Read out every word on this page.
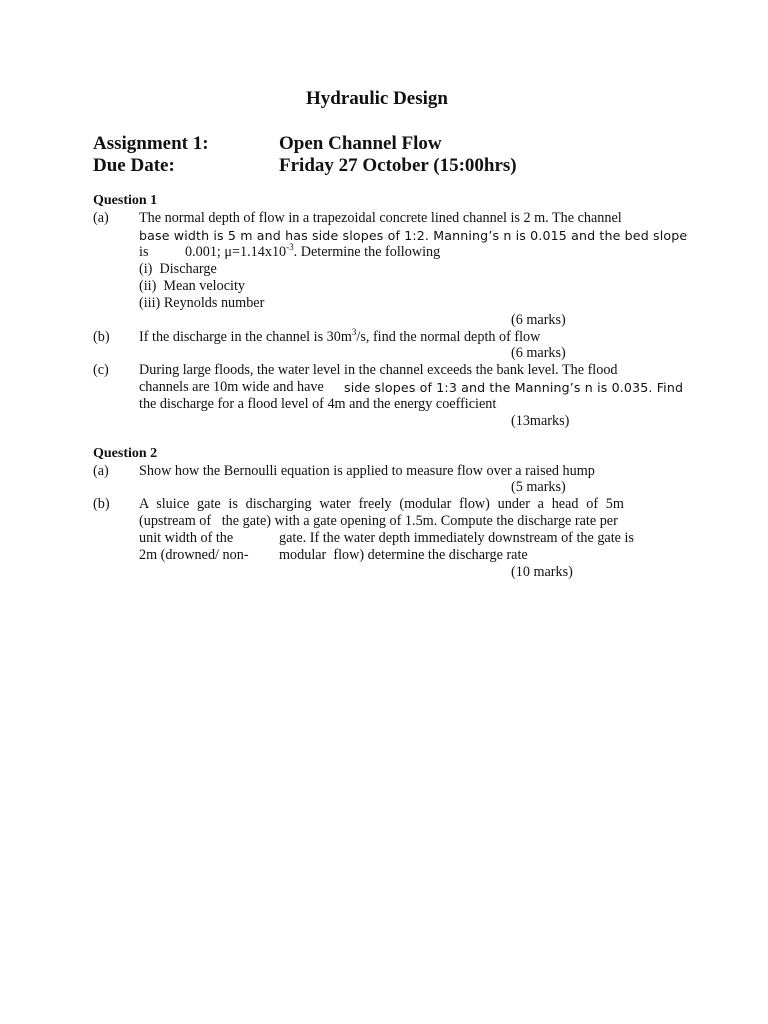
Hydraulic Design
Assignment 1:	Open Channel Flow
Due Date:	Friday 27 October (15:00hrs)
Question 1
(a) The normal depth of flow in a trapezoidal concrete lined channel is 2 m. The channel
base width is 5 m and has side slopes of 1:2. Manning’s n is 0.015 and the bed slope
is	0.001; $\mu=1.14x10^{-3}$. Determine the following
(i)  Discharge
(ii)  Mean velocity
(iii) Reynolds number
(6 marks)
(b) If the discharge in the channel is $30m^3/s$, find the normal depth of flow
(6 marks)
(c) During large floods, the water level in the channel exceeds the bank level. The flood
channels are 10m wide and have side slopes of 1:3 and the Manning’s n is 0.035. Find
the discharge for a flood level of 4m and the energy coefficient
(13marks)
Question 2
(a) Show how the Bernoulli equation is applied to measure flow over a raised hump
(5 marks)
(b) A sluice gate is discharging water freely (modular flow) under a head of 5m
(upstream of   the gate) with a gate opening of 1.5m. Compute the discharge rate per
unit width of the	gate. If the water depth immediately downstream of the gate is
2m (drowned/ non- modular  flow) determine the discharge rate
(10 marks)
